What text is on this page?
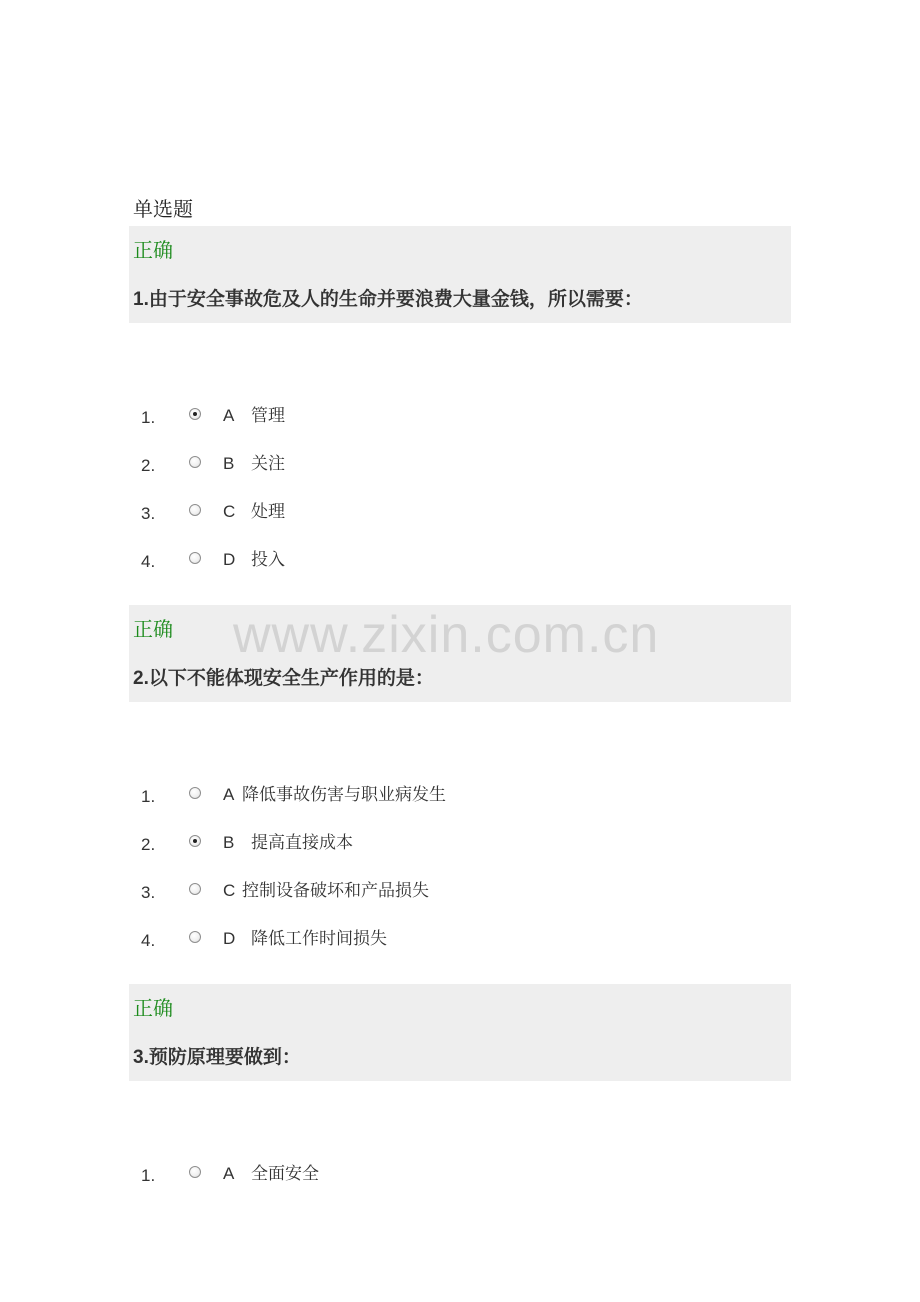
单选题
正确
1.由于安全事故危及人的生命并要浪费大量金钱，所以需要：
1.	A 管理
2.	B 关注
3.	C 处理
4.	D 投入
正确
2.以下不能体现安全生产作用的是：
1.	A 降低事故伤害与职业病发生
2.	B 提高直接成本
3.	C 控制设备破坏和产品损失
4.	D 降低工作时间损失
正确
3.预防原理要做到：
1.	A 全面安全
www.zixin.com.cn
